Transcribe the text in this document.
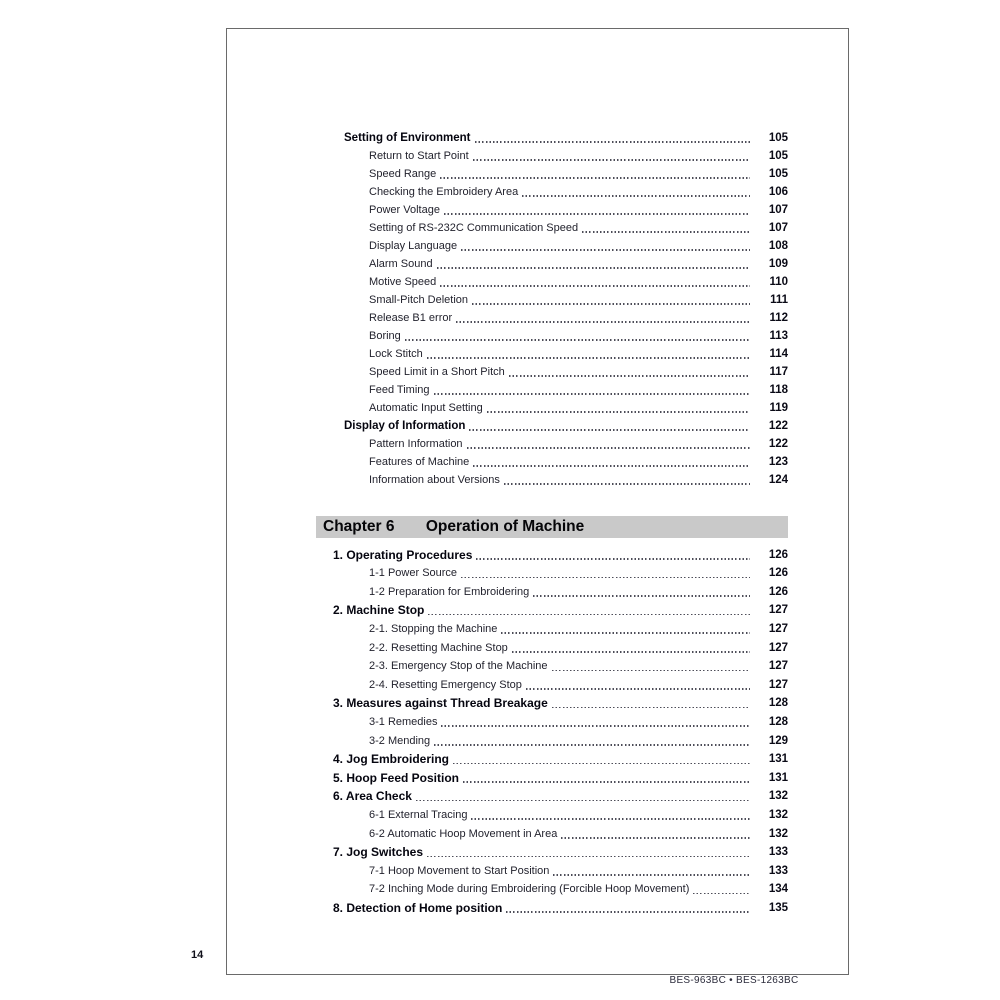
Setting of Environment	105
Return to Start Point	105
Speed Range	105
Checking the Embroidery Area	106
Power Voltage	107
Setting of RS-232C Communication Speed	107
Display Language	108
Alarm Sound	109
Motive Speed	110
Small-Pitch Deletion	111
Release B1 error	112
Boring	113
Lock Stitch	114
Speed Limit in a Short Pitch	117
Feed Timing	118
Automatic Input Setting	119
Display of Information	122
Pattern Information	122
Features of Machine	123
Information about Versions	124
Chapter 6 Operation of Machine
1. Operating Procedures	126
1-1 Power Source	126
1-2 Preparation for Embroidering	126
2. Machine Stop	127
2-1. Stopping the Machine	127
2-2. Resetting Machine Stop	127
2-3. Emergency Stop of the Machine	127
2-4. Resetting Emergency Stop	127
3. Measures against Thread Breakage	128
3-1 Remedies	128
3-2 Mending	129
4. Jog Embroidering	131
5. Hoop Feed Position	131
6. Area Check	132
6-1 External Tracing	132
6-2 Automatic Hoop Movement in Area	132
7. Jog Switches	133
7-1 Hoop Movement to Start Position	133
7-2 Inching Mode during Embroidering (Forcible Hoop Movement)	134
8. Detection of Home position	135
BES-963BC • BES-1263BC
14
